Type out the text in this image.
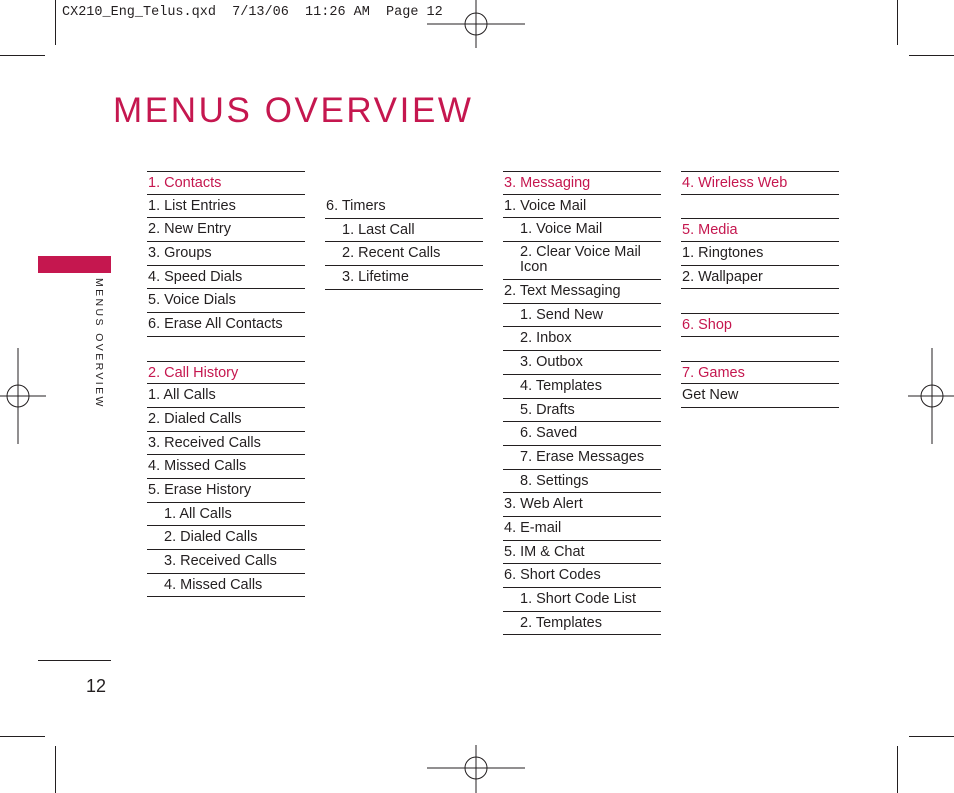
CX210_Eng_Telus.qxd  7/13/06  11:26 AM  Page 12
MENUS OVERVIEW
MENUS OVERVIEW
12
1. Contacts
1. List Entries
2. New Entry
3. Groups
4. Speed Dials
5. Voice Dials
6. Erase All Contacts
2. Call History
1. All Calls
2. Dialed Calls
3. Received Calls
4. Missed Calls
5. Erase History
1. All Calls
2. Dialed Calls
3. Received Calls
4. Missed Calls
6. Timers
1. Last Call
2. Recent Calls
3. Lifetime
3. Messaging
1. Voice Mail
1. Voice Mail
2. Clear Voice Mail Icon
2. Text Messaging
1. Send New
2. Inbox
3. Outbox
4. Templates
5. Drafts
6. Saved
7. Erase Messages
8. Settings
3. Web Alert
4. E-mail
5. IM & Chat
6. Short Codes
1. Short Code List
2. Templates
4. Wireless Web
5. Media
1. Ringtones
2. Wallpaper
6. Shop
7. Games
Get New
